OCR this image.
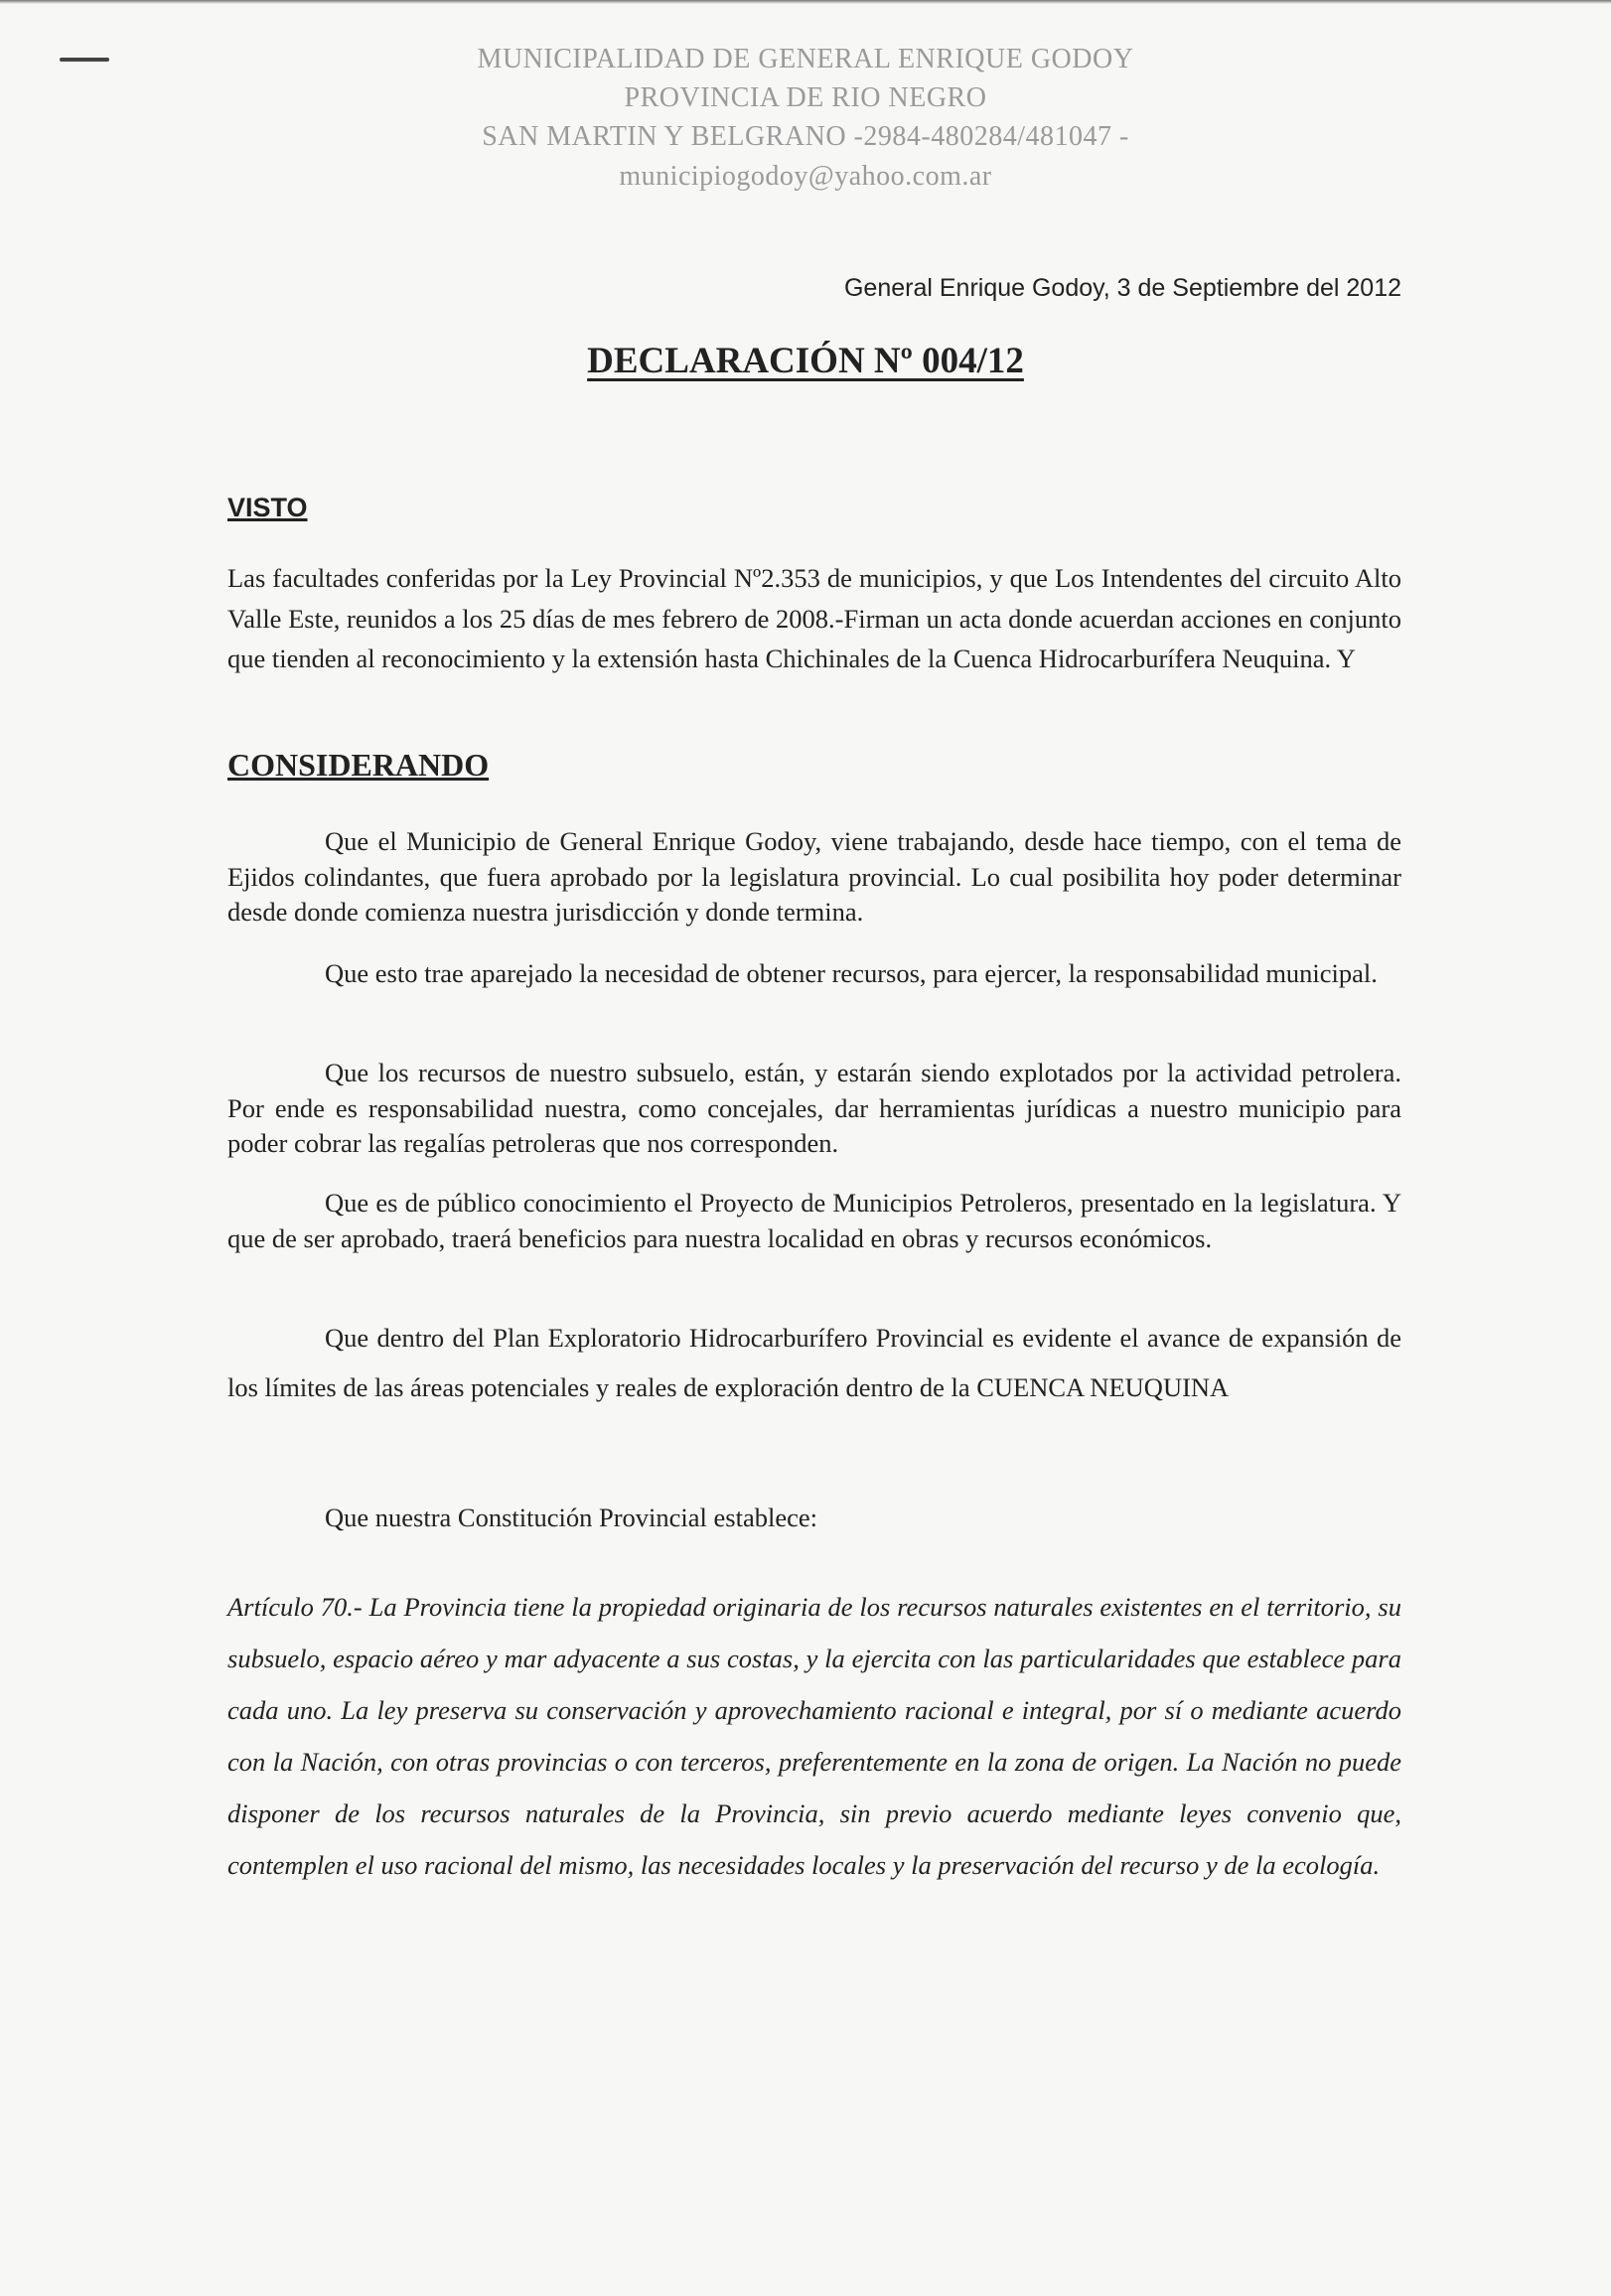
MUNICIPALIDAD DE GENERAL ENRIQUE GODOY
PROVINCIA DE RIO NEGRO
SAN MARTIN Y BELGRANO -2984-480284/481047 -
municipiogodoy@yahoo.com.ar
General Enrique Godoy, 3 de Septiembre del 2012
DECLARACIÓN Nº 004/12
VISTO
Las facultades conferidas por la Ley Provincial Nº2.353 de municipios, y que Los Intendentes del circuito Alto Valle Este, reunidos a los 25 días de mes febrero de 2008.-Firman un acta donde acuerdan acciones en conjunto que tienden al reconocimiento y la extensión hasta Chichinales de la Cuenca Hidrocarburífera Neuquina. Y
CONSIDERANDO
Que el Municipio de General Enrique Godoy, viene trabajando, desde hace tiempo, con el tema de Ejidos colindantes, que fuera aprobado por la legislatura provincial. Lo cual posibilita hoy poder determinar desde donde comienza nuestra jurisdicción y donde termina.
Que esto trae aparejado la necesidad de obtener recursos, para ejercer, la responsabilidad municipal.
Que los recursos de nuestro subsuelo, están, y estarán siendo explotados por la actividad petrolera. Por ende es responsabilidad nuestra, como concejales, dar herramientas jurídicas a nuestro municipio para poder cobrar las regalías petroleras que nos corresponden.
Que es de público conocimiento el Proyecto de Municipios Petroleros, presentado en la legislatura. Y que de ser aprobado, traerá beneficios para nuestra localidad en obras y recursos económicos.
Que dentro del Plan Exploratorio Hidrocarburífero Provincial es evidente el avance de expansión de los límites de las áreas potenciales y reales de exploración dentro de la CUENCA NEUQUINA
Que nuestra Constitución Provincial establece:
Artículo 70.- La Provincia tiene la propiedad originaria de los recursos naturales existentes en el territorio, su subsuelo, espacio aéreo y mar adyacente a sus costas, y la ejercita con las particularidades que establece para cada uno. La ley preserva su conservación y aprovechamiento racional e integral, por sí o mediante acuerdo con la Nación, con otras provincias o con terceros, preferentemente en la zona de origen. La Nación no puede disponer de los recursos naturales de la Provincia, sin previo acuerdo mediante leyes convenio que, contemplen el uso racional del mismo, las necesidades locales y la preservación del recurso y de la ecología.
